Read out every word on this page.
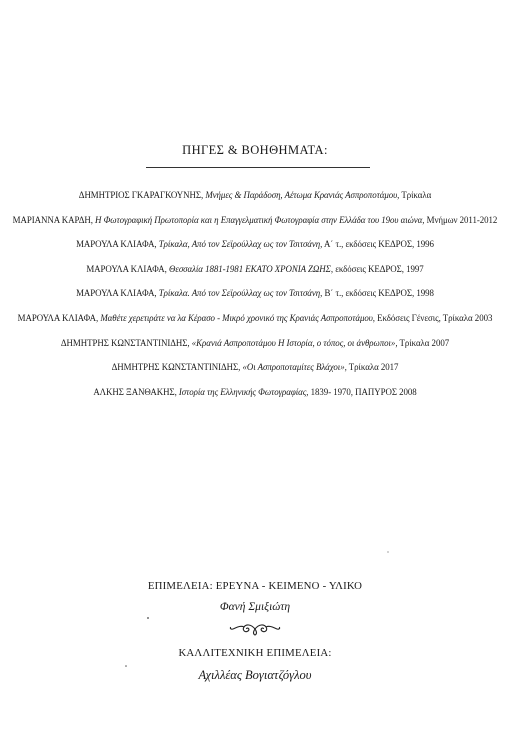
ΠΗΓΕΣ & ΒΟΗΘΗΜΑΤΑ:
ΔΗΜΗΤΡΙΟΣ ΓΚΑΡΑΓΚΟΥΝΗΣ, Μνήμες & Παράδοση, Αέτωμα Κρανιάς Ασπροποτάμου, Τρίκαλα
ΜΑΡΙΑΝΝΑ ΚΑΡΔΗ, Η Φωτογραφική Πρωτοπορία και η Επαγγελματική Φωτογραφία στην Ελλάδα του 19ου αιώνα, Μνήμων 2011-2012
ΜΑΡΟΥΛΑ ΚΛΙΑΦΑ, Τρίκαλα, Από τον Σεϊρούλλαχ ως τον Τσιτσάνη, Α΄ τ., εκδόσεις ΚΕΔΡΟΣ, 1996
ΜΑΡΟΥΛΑ ΚΛΙΑΦΑ, Θεσσαλία 1881-1981 ΕΚΑΤΟ ΧΡΟΝΙΑ ΖΩΗΣ, εκδόσεις ΚΕΔΡΟΣ, 1997
ΜΑΡΟΥΛΑ ΚΛΙΑΦΑ, Τρίκαλα. Από τον Σεϊρούλλαχ ως τον Τσιτσάνη, Β΄ τ., εκδόσεις ΚΕΔΡΟΣ, 1998
ΜΑΡΟΥΛΑ ΚΛΙΑΦΑ, Μαθέτε χερετιράτε να λα Κέρασο - Μικρό χρονικό της Κρανιάς Ασπροποτάμου, Εκδόσεις Γένεσις, Τρίκαλα 2003
ΔΗΜΗΤΡΗΣ ΚΩΝΣΤΑΝΤΙΝΙΔΗΣ, «Κρανιά Ασπροποτάμου Η Ιστορία, ο τόπος, οι άνθρωποι», Τρίκαλα 2007
ΔΗΜΗΤΡΗΣ ΚΩΝΣΤΑΝΤΙΝΙΔΗΣ, «Οι Ασπροποταμίτες Βλάχοι», Τρίκαλα 2017
ΑΛΚΗΣ ΞΑΝΘΑΚΗΣ, Ιστορία της Ελληνικής Φωτογραφίας, 1839- 1970, ΠΑΠΥΡΟΣ 2008
ΕΠΙΜΕΛΕΙΑ: ΕΡΕΥΝΑ - ΚΕΙΜΕΝΟ - ΥΛΙΚΟ
Φανή Σμιξιώτη
ΚΑΛΛΙΤΕΧΝΙΚΗ ΕΠΙΜΕΛΕΙΑ:
Αχιλλέας Βογιατζόγλου
